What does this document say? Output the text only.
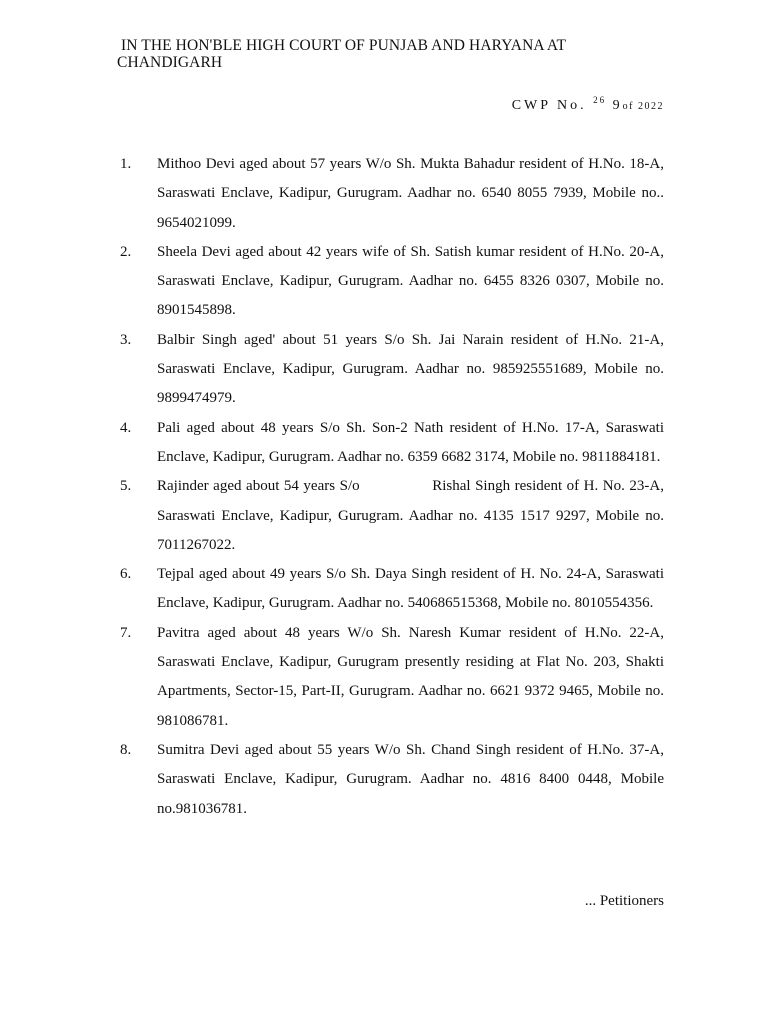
IN THE HON'BLE HIGH COURT OF PUNJAB AND HARYANA AT
CHANDIGARH
CWP No. $^{26}$ 9of 2022
1. Mithoo Devi aged about 57 years W/o Sh. Mukta Bahadur resident of H.No. 18-A, Saraswati Enclave, Kadipur, Gurugram. Aadhar no. 6540 8055 7939, Mobile no.. 9654021099.
2. Sheela Devi aged about 42 years wife of Sh. Satish kumar resident of H.No. 20-A, Saraswati Enclave, Kadipur, Gurugram. Aadhar no. 6455 8326 0307, Mobile no. 8901545898.
3. Balbir Singh aged' about 51 years S/o Sh. Jai Narain resident of H.No. 21-A, Saraswati Enclave, Kadipur, Gurugram. Aadhar no. 985925551689, Mobile no. 9899474979.
4. Pali aged about 48 years S/o Sh. Son-2 Nath resident of H.No. 17-A, Saraswati Enclave, Kadipur, Gurugram. Aadhar no. 6359 6682 3174, Mobile no. 9811884181.
5. Rajinder aged about 54 years S/o                Rishal Singh resident of H. No. 23-A, Saraswati Enclave, Kadipur, Gurugram. Aadhar no. 4135 1517 9297, Mobile no. 7011267022.
6. Tejpal aged about 49 years S/o Sh. Daya Singh resident of H. No. 24-A, Saraswati Enclave, Kadipur, Gurugram. Aadhar no. 540686515368, Mobile no. 8010554356.
7. Pavitra aged about 48 years W/o Sh. Naresh Kumar resident of H.No. 22-A, Saraswati Enclave, Kadipur, Gurugram presently residing at Flat No. 203, Shakti Apartments, Sector-15, Part-II, Gurugram. Aadhar no. 6621 9372 9465, Mobile no. 981086781.
8. Sumitra Devi aged about 55 years W/o Sh. Chand Singh resident of H.No. 37-A, Saraswati Enclave, Kadipur, Gurugram. Aadhar no. 4816 8400 0448, Mobile no.981036781.
... Petitioners
